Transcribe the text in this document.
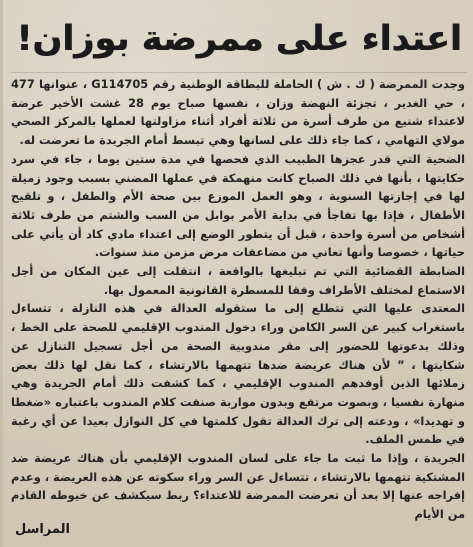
اعتداء على ممرضة بوزان!

وجدت الممرضة ( ك . ش ) الحاملة للبطاقة الوطنية رقم G114705 ، عنوانها 477 ، حي الغدير ، تجزئة النهضة وزان ، نفسها صباح يوم 28 غشت الأخير عرضة لاعتداء شنيع من طرف أسرة من ثلاثة أفراد أثناء مزاولتها لعملها بالمركز الصحي مولاي التهامي ، كما جاء ذلك على لسانها وهي تبسط أمام الجريدة ما تعرضت له.

الضحية التي قدر عجزها الطبيب الذي فحصها في مدة ستين يوما ، جاء في سرد حكايتها ، بأنها في ذلك الصباح كانت منهمكة في عملها المضني بسبب وجود زميلة لها في إجازتها السنوية ، وهو العمل الموزع بين صحة الأم والطفل ، و تلقيح الأطفال ، فإذا بها تفاجأ في بداية الأمر بوابل من السب والشتم من طرف ثلاثة أشخاص من أسرة واحدة ، قبل أن يتطور الوضع إلى اعتداء مادي كاد أن يأتي على حياتها ، خصوصا وأنها تعاني من مضاعفات مرض مزمن منذ سنوات.

الضابطة القضائية التي تم تبليغها بالواقعة ، انتقلت إلى عين المكان من أجل الاستماع لمختلف الأطراف وفقا للمسطرة القانونية المعمول بها.

المعتدى عليها التي تتطلع إلى ما ستقوله العدالة في هذه النازلة ، تتساءل باستغراب كبير عن السر الكامن وراء دخول المندوب الإقليمي للصحة على الخط ، وذلك بدعوتها للحضور إلى مقر مندوبية الصحة من أجل تسجيل التنازل عن شكايتها ، ” لأن هناك عريضة ضدها تتهمها بالارتشاء ، كما نقل لها ذلك بعض زملائها الذين أوفدهم المندوب الإقليمي ، كما كشفت ذلك أمام الجريدة وهي منهارة نفسيا ، وبصوت مرتفع وبدون مواربة صنفت كلام المندوب باعتباره «ضغطا و تهديدا» ، ودعته إلى ترك العدالة تقول كلمتها في كل النوازل بعيدا عن أي رغبة في طمس الملف.

الجريدة ، وإذا ما ثبت ما جاء على لسان المندوب الإقليمي بأن هناك عريضة ضد المشتكية تتهمها بالارتشاء ، تتساءل عن السر وراء سكوته عن هذه العريضة ، وعدم إفراجه عنها إلا بعد أن تعرضت الممرضة للاعتداء؟ ربط سيكشف عن خيوطه القادم من الأيام

المراسل
